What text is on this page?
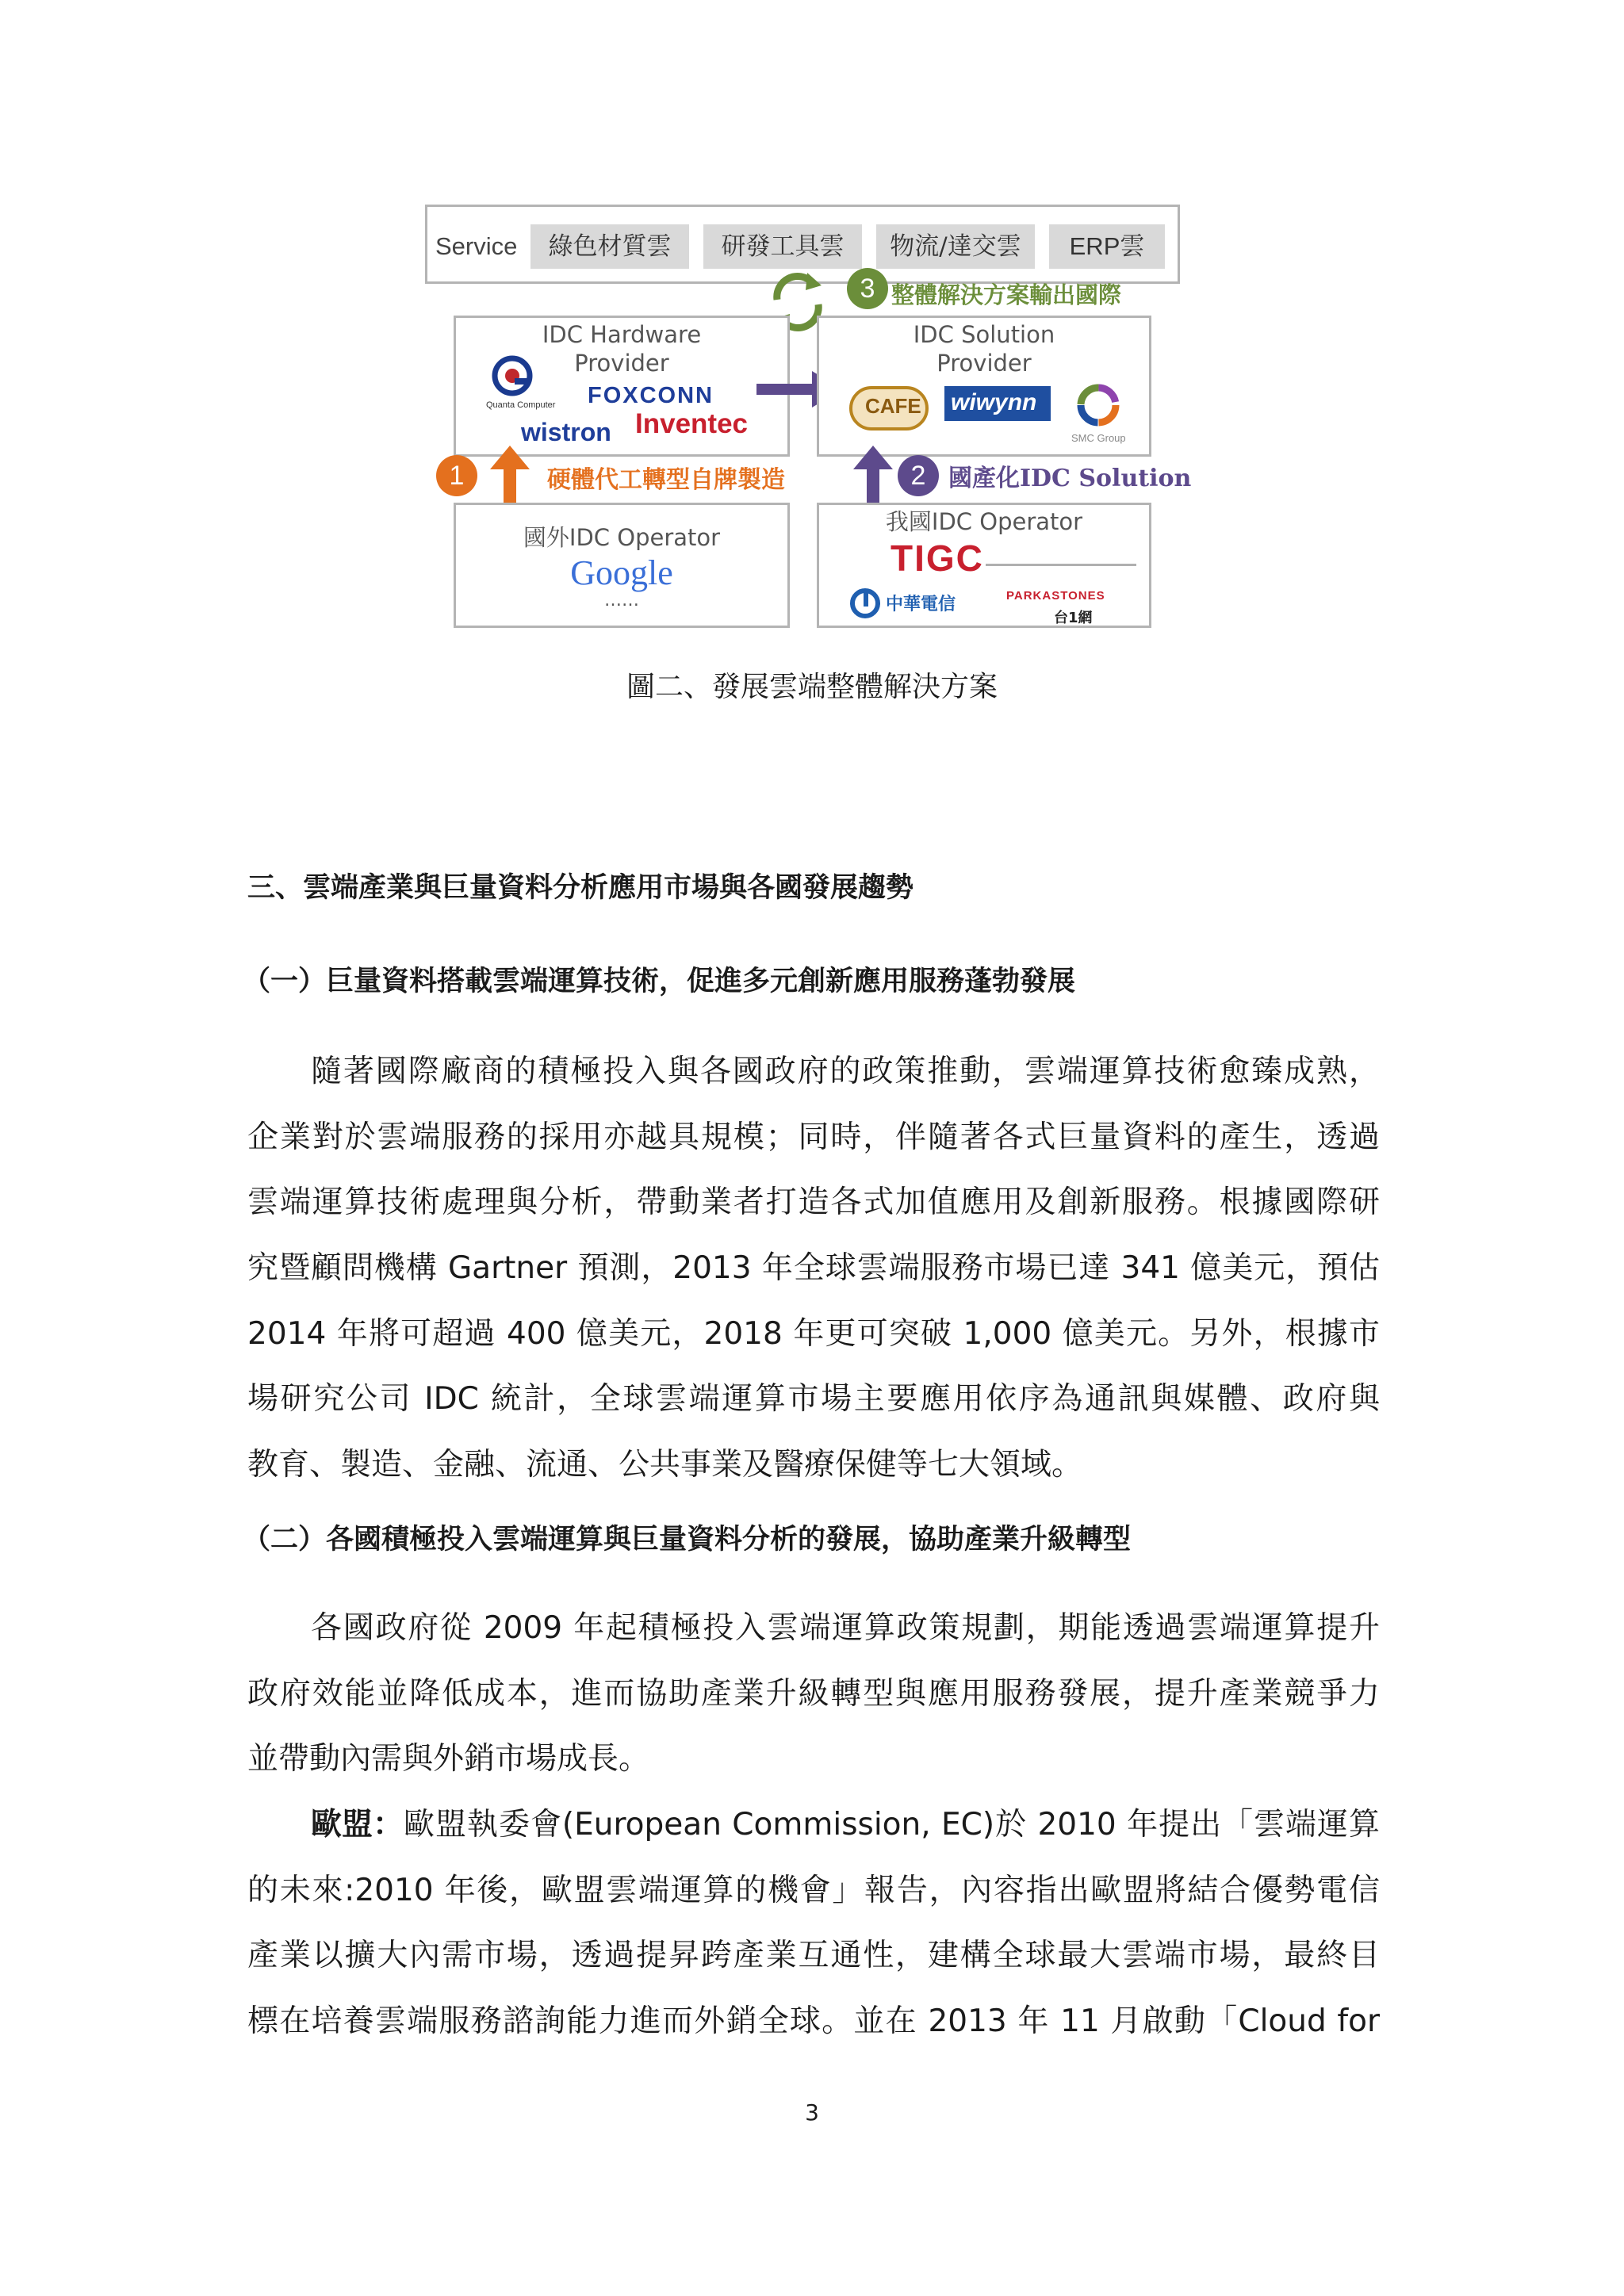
Service	綠色材質雲	研發工具雲	物流/達交雲	ERP雲
3 整體解決方案輸出國際
IDC Hardware
Provider
Quanta Computer FOXCONN
wistron Inventec
IDC Solution
Provider
CAFE wiwynn
SMC Group
1	硬體代工轉型自牌製造	2 國產化IDC Solution
國外IDC Operator
Google
……
我國IDC Operator
TIGC
中華電信	PARKASTONES
台1網
圖二、發展雲端整體解決方案
三、雲端產業與巨量資料分析應用市場與各國發展趨勢
（一）巨量資料搭載雲端運算技術，促進多元創新應用服務蓬勃發展
隨著國際廠商的積極投入與各國政府的政策推動，雲端運算技術愈臻成熟，
企業對於雲端服務的採用亦越具規模；同時，伴隨著各式巨量資料的產生，透過
雲端運算技術處理與分析，帶動業者打造各式加值應用及創新服務。根據國際研
究暨顧問機構 Gartner 預測，2013 年全球雲端服務市場已達 341 億美元，預估
2014 年將可超過 400 億美元，2018 年更可突破 1,000 億美元。另外，根據市
場研究公司 IDC 統計，全球雲端運算市場主要應用依序為通訊與媒體、政府與
教育、製造、金融、流通、公共事業及醫療保健等七大領域。
（二）各國積極投入雲端運算與巨量資料分析的發展，協助產業升級轉型
各國政府從 2009 年起積極投入雲端運算政策規劃，期能透過雲端運算提升
政府效能並降低成本，進而協助產業升級轉型與應用服務發展，提升產業競爭力
並帶動內需與外銷市場成長。
歐盟： 歐盟執委會(European Commission, EC)於 2010 年提出「雲端運算
的未來:2010 年後，歐盟雲端運算的機會」報告，內容指出歐盟將結合優勢電信
產業以擴大內需市場，透過提昇跨產業互通性，建構全球最大雲端市場，最終目
標在培養雲端服務諮詢能力進而外銷全球。並在 2013 年 11 月啟動「Cloud for
3
